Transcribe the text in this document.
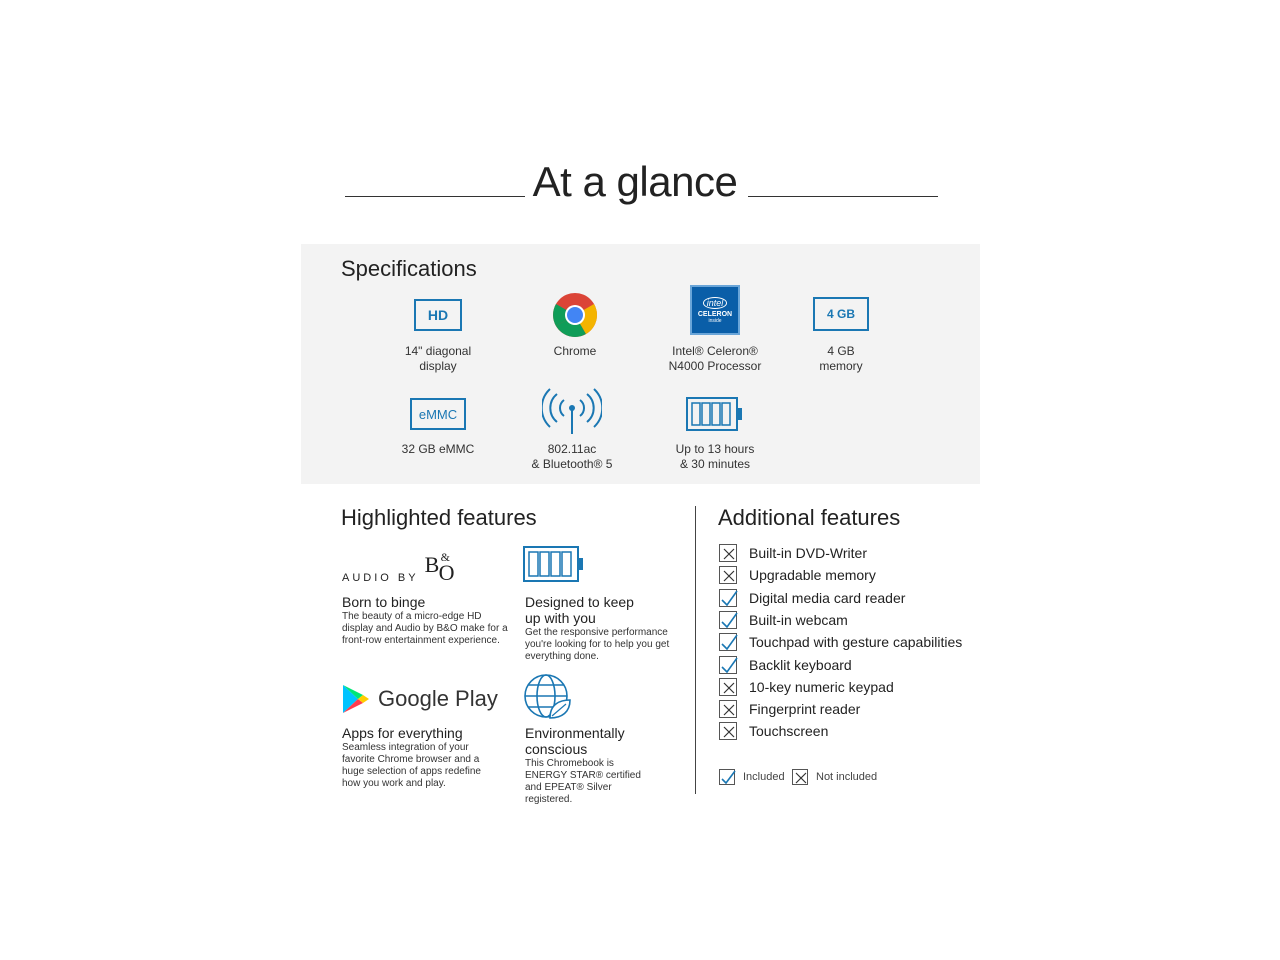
At a glance
Specifications
HD
14" diagonal
display
Chrome
intel
CELERON
inside
Intel® Celeron®
N4000 Processor
4 GB
4 GB
memory
eMMC
32 GB eMMC	802.11ac
& Bluetooth® 5
Up to 13 hours
& 30 minutes
Highlighted features
AUDIO BY
B &
O
Born to binge
The beauty of a micro-edge HD display and Audio by B&O make for a front-row entertainment experience.
Designed to keep up with you
Get the responsive performance you're looking for to help you get everything done.
Google Play
Apps for everything
Seamless integration of your favorite Chrome browser and a huge selection of apps redefine how you work and play.
Environmentally conscious
This Chromebook is ENERGY STAR® certified and EPEAT® Silver registered.
Additional features
Built-in DVD-Writer
Upgradable memory
Digital media card reader
Built-in webcam
Touchpad with gesture capabilities
Backlit keyboard
10-key numeric keypad
Fingerprint reader
Touchscreen
Included	Not included
